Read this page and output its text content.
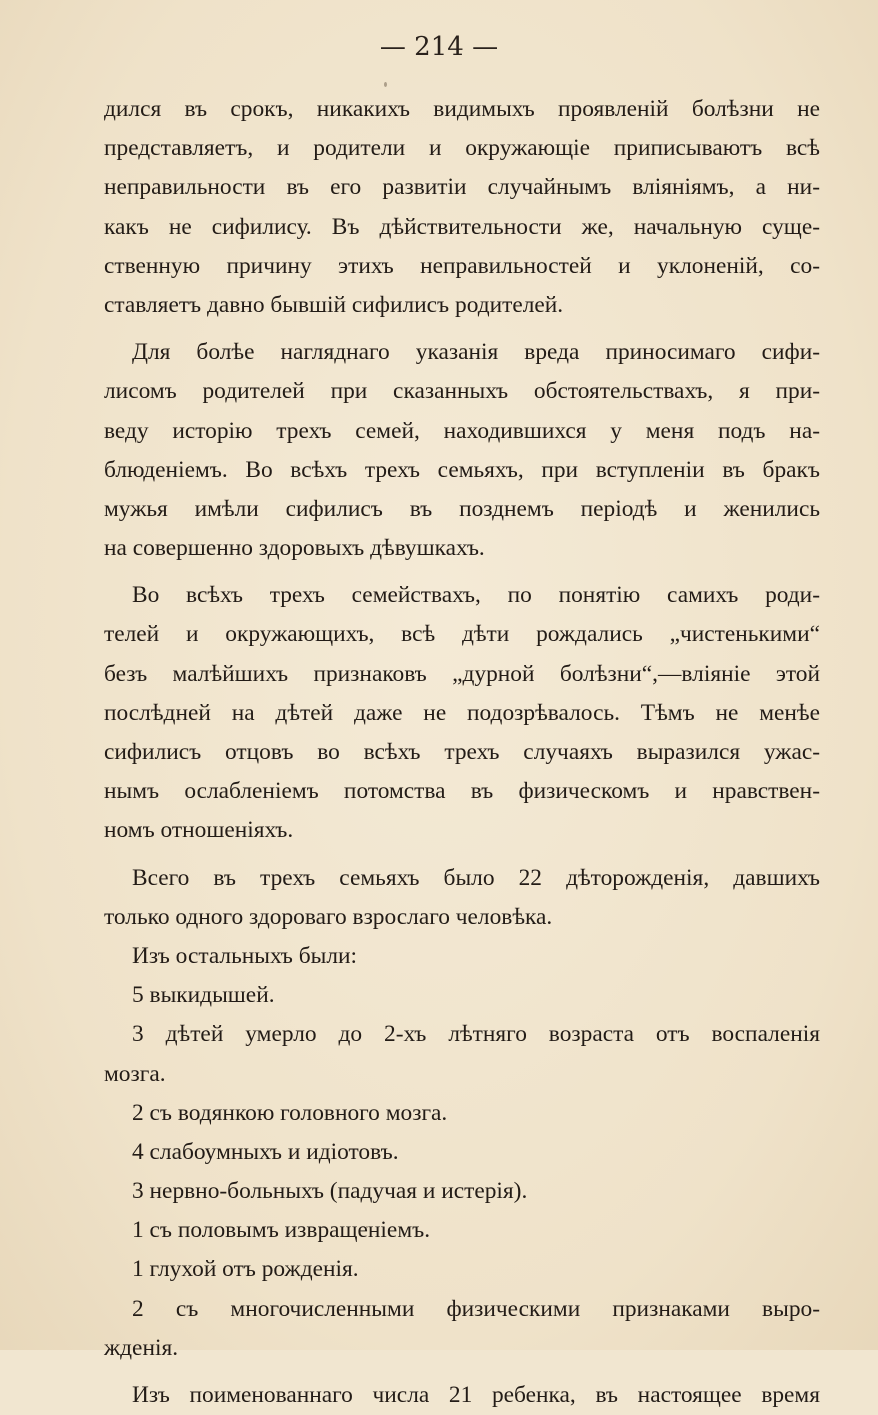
— 214 —
дился въ срокъ, никакихъ видимыхъ проявленій болѣзни не
представляетъ, и родители и окружающіе приписываютъ всѣ
неправильности въ его развитіи случайнымъ вліяніямъ, а ни-
какъ не сифилису. Въ дѣйствительности же, начальную суще-
ственную причину этихъ неправильностей и уклоненій, со-
ставляетъ давно бывшій сифилисъ родителей.
Для болѣе нагляднаго указанія вреда приносимаго сифи-
лисомъ родителей при сказанныхъ обстоятельствахъ, я при-
веду исторію трехъ семей, находившихся у меня подъ на-
блюденіемъ. Во всѣхъ трехъ семьяхъ, при вступленіи въ бракъ
мужья имѣли сифилисъ въ позднемъ періодѣ и женились
на совершенно здоровыхъ дѣвушкахъ.
Во всѣхъ трехъ семействахъ, по понятію самихъ роди-
телей и окружающихъ, всѣ дѣти рождались „чистенькими“
безъ малѣйшихъ признаковъ „дурной болѣзни“,—вліяніе этой
послѣдней на дѣтей даже не подозрѣвалось. Тѣмъ не менѣе
сифилисъ отцовъ во всѣхъ трехъ случаяхъ выразился ужас-
нымъ ослабленіемъ потомства въ физическомъ и нравствен-
номъ отношеніяхъ.
Всего въ трехъ семьяхъ было 22 дѣторожденія, давшихъ
только одного здороваго взрослаго человѣка.
Изъ остальныхъ были:
5 выкидышей.
3 дѣтей умерло до 2-хъ лѣтняго возраста отъ воспаленія
мозга.
2 съ водянкою головного мозга.
4 слабоумныхъ и идіотовъ.
3 нервно-больныхъ (падучая и истерія).
1 съ половымъ извращеніемъ.
1 глухой отъ рожденія.
2 съ многочисленными физическими признаками выро-
жденія.
Изъ поименованнаго числа 21 ребенка, въ настоящее время
